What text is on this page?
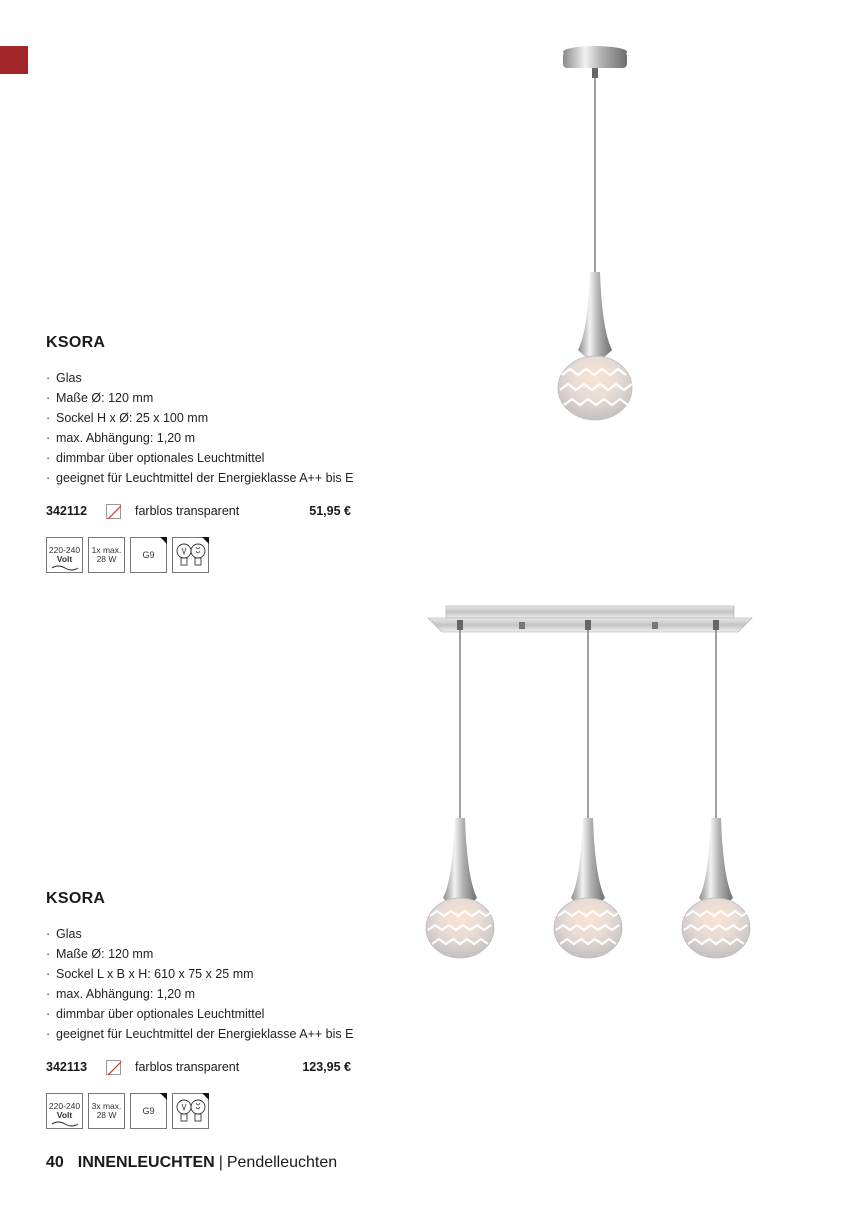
KSORA
· Glas
· Maße Ø: 120 mm
· Sockel H x Ø: 25 x 100 mm
· max. Abhängung: 1,20 m
· dimmbar über optionales Leuchtmittel
· geeignet für Leuchtmittel der Energieklasse A++ bis E
342112	farblos transparent	51,95 €
220-240
Volt
1x max.
28 W	G9
KSORA
· Glas
· Maße Ø: 120 mm
· Sockel L x B x H: 610 x 75 x 25 mm
· max. Abhängung: 1,20 m
· dimmbar über optionales Leuchtmittel
· geeignet für Leuchtmittel der Energieklasse A++ bis E
342113	farblos transparent	123,95 €
220-240
Volt
3x max.
28 W	G9
40 INNENLEUCHTEN | Pendelleuchten
